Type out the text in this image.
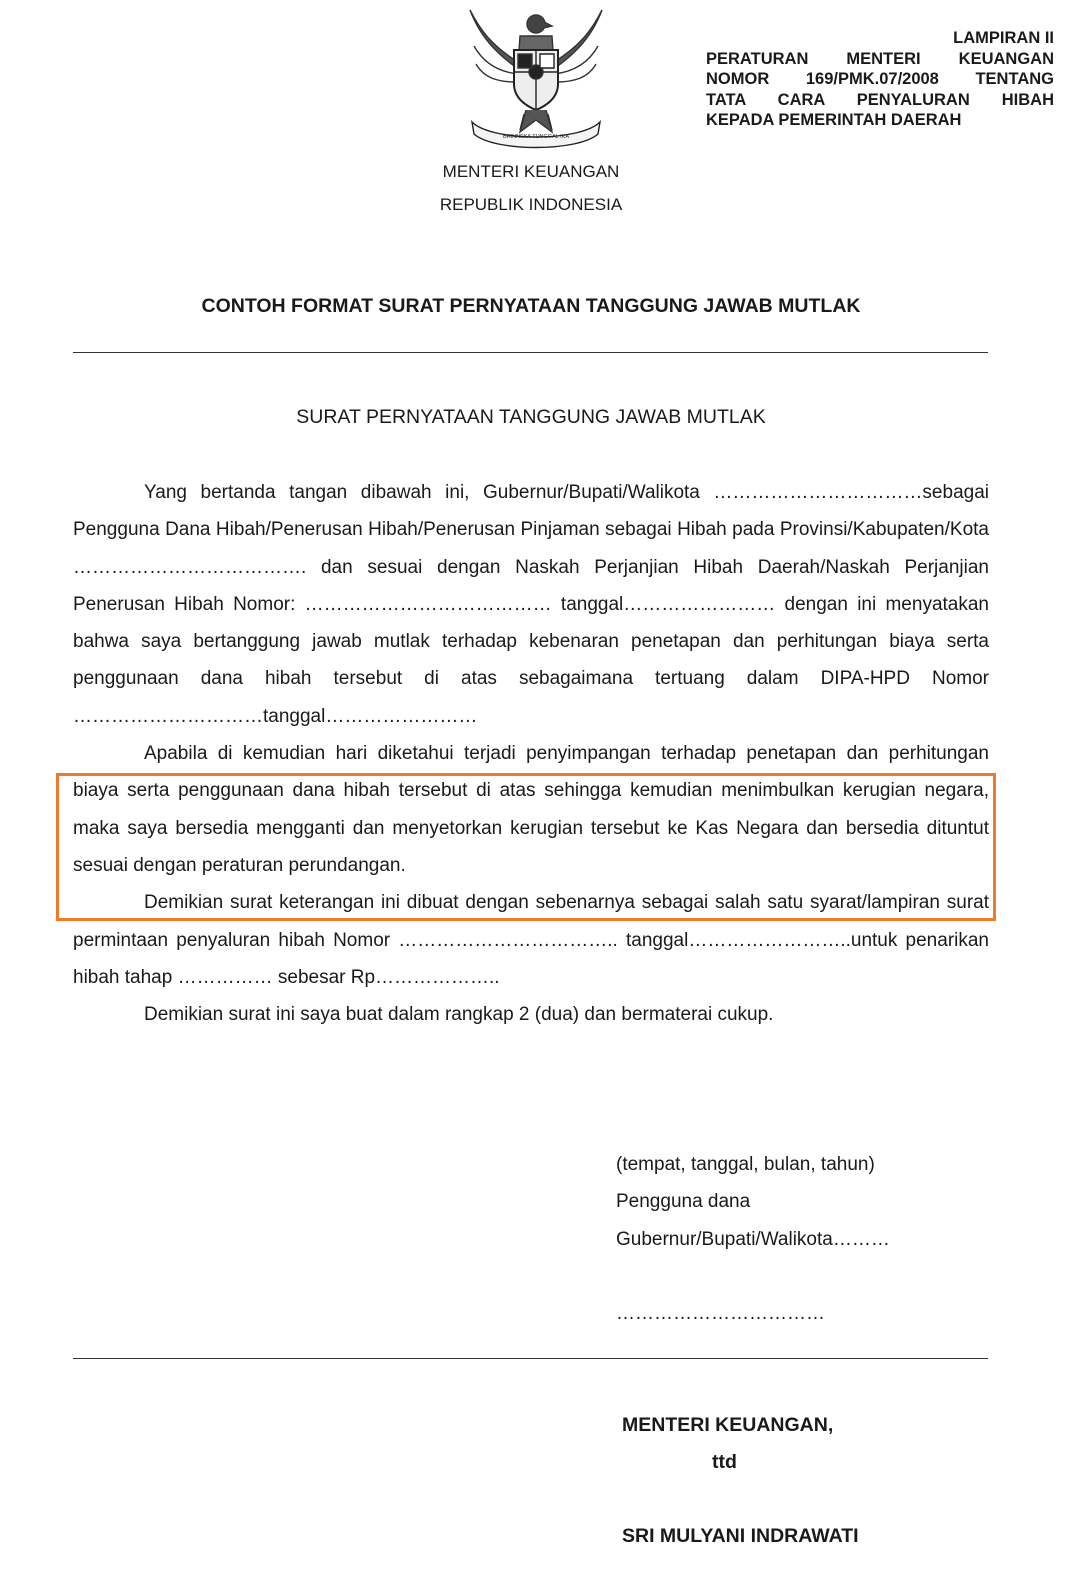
BHINNEKA TUNGGAL IKA
LAMPIRAN II
PERATURAN MENTERI KEUANGAN
NOMOR 169/PMK.07/2008 TENTANG
TATA CARA PENYALURAN HIBAH
KEPADA PEMERINTAH DAERAH
MENTERI KEUANGAN
REPUBLIK INDONESIA
CONTOH FORMAT SURAT PERNYATAAN TANGGUNG JAWAB MUTLAK
SURAT PERNYATAAN TANGGUNG JAWAB MUTLAK

Yang bertanda tangan dibawah ini, Gubernur/Bupati/Walikota ……………………………sebagai Pengguna Dana Hibah/Penerusan Hibah/Penerusan Pinjaman sebagai Hibah pada Provinsi/Kabupaten/Kota ………………………………. dan sesuai dengan Naskah Perjanjian Hibah Daerah/Naskah Perjanjian Penerusan Hibah Nomor: ………………………………… tanggal…………………… dengan ini menyatakan bahwa saya bertanggung jawab mutlak terhadap kebenaran penetapan dan perhitungan biaya serta penggunaan dana hibah tersebut di atas sebagaimana tertuang dalam DIPA-HPD Nomor …………………………tanggal……………………

Apabila di kemudian hari diketahui terjadi penyimpangan terhadap penetapan dan perhitungan biaya serta penggunaan dana hibah tersebut di atas sehingga kemudian menimbulkan kerugian negara, maka saya bersedia mengganti dan menyetorkan kerugian tersebut ke Kas Negara dan bersedia dituntut sesuai dengan peraturan perundangan.

Demikian surat keterangan ini dibuat dengan sebenarnya sebagai salah satu syarat/lampiran surat permintaan penyaluran hibah Nomor …………………………….. tanggal……………………..untuk penarikan hibah tahap …………… sebesar Rp………………..

Demikian surat ini saya buat dalam rangkap 2 (dua) dan bermaterai cukup.

(tempat, tanggal, bulan, tahun)
Pengguna dana
Gubernur/Bupati/Walikota………
……………………………
MENTERI KEUANGAN,
ttd
SRI MULYANI INDRAWATI
